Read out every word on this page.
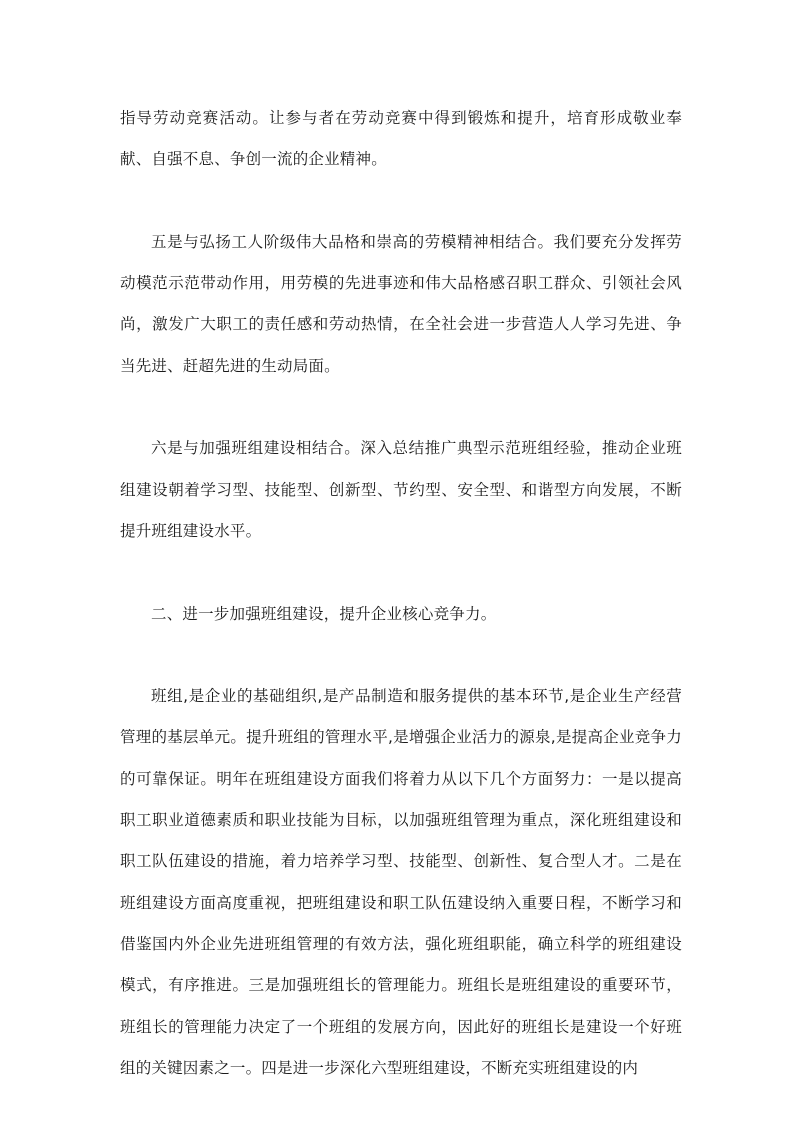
指导劳动竞赛活动。让参与者在劳动竞赛中得到锻炼和提升，培育形成敬业奉献、自强不息、争创一流的企业精神。

五是与弘扬工人阶级伟大品格和崇高的劳模精神相结合。我们要充分发挥劳动模范示范带动作用，用劳模的先进事迹和伟大品格感召职工群众、引领社会风尚，激发广大职工的责任感和劳动热情，在全社会进一步营造人人学习先进、争当先进、赶超先进的生动局面。

六是与加强班组建设相结合。深入总结推广典型示范班组经验，推动企业班组建设朝着学习型、技能型、创新型、节约型、安全型、和谐型方向发展，不断提升班组建设水平。

二、进一步加强班组建设，提升企业核心竞争力。

班组,是企业的基础组织,是产品制造和服务提供的基本环节,是企业生产经营管理的基层单元。提升班组的管理水平,是增强企业活力的源泉,是提高企业竞争力的可靠保证。明年在班组建设方面我们将着力从以下几个方面努力：一是以提高职工职业道德素质和职业技能为目标，以加强班组管理为重点，深化班组建设和职工队伍建设的措施，着力培养学习型、技能型、创新性、复合型人才。二是在班组建设方面高度重视，把班组建设和职工队伍建设纳入重要日程，不断学习和借鉴国内外企业先进班组管理的有效方法，强化班组职能，确立科学的班组建设模式，有序推进。三是加强班组长的管理能力。班组长是班组建设的重要环节，班组长的管理能力决定了一个班组的发展方向，因此好的班组长是建设一个好班组的关键因素之一。四是进一步深化六型班组建设，不断充实班组建设的内
